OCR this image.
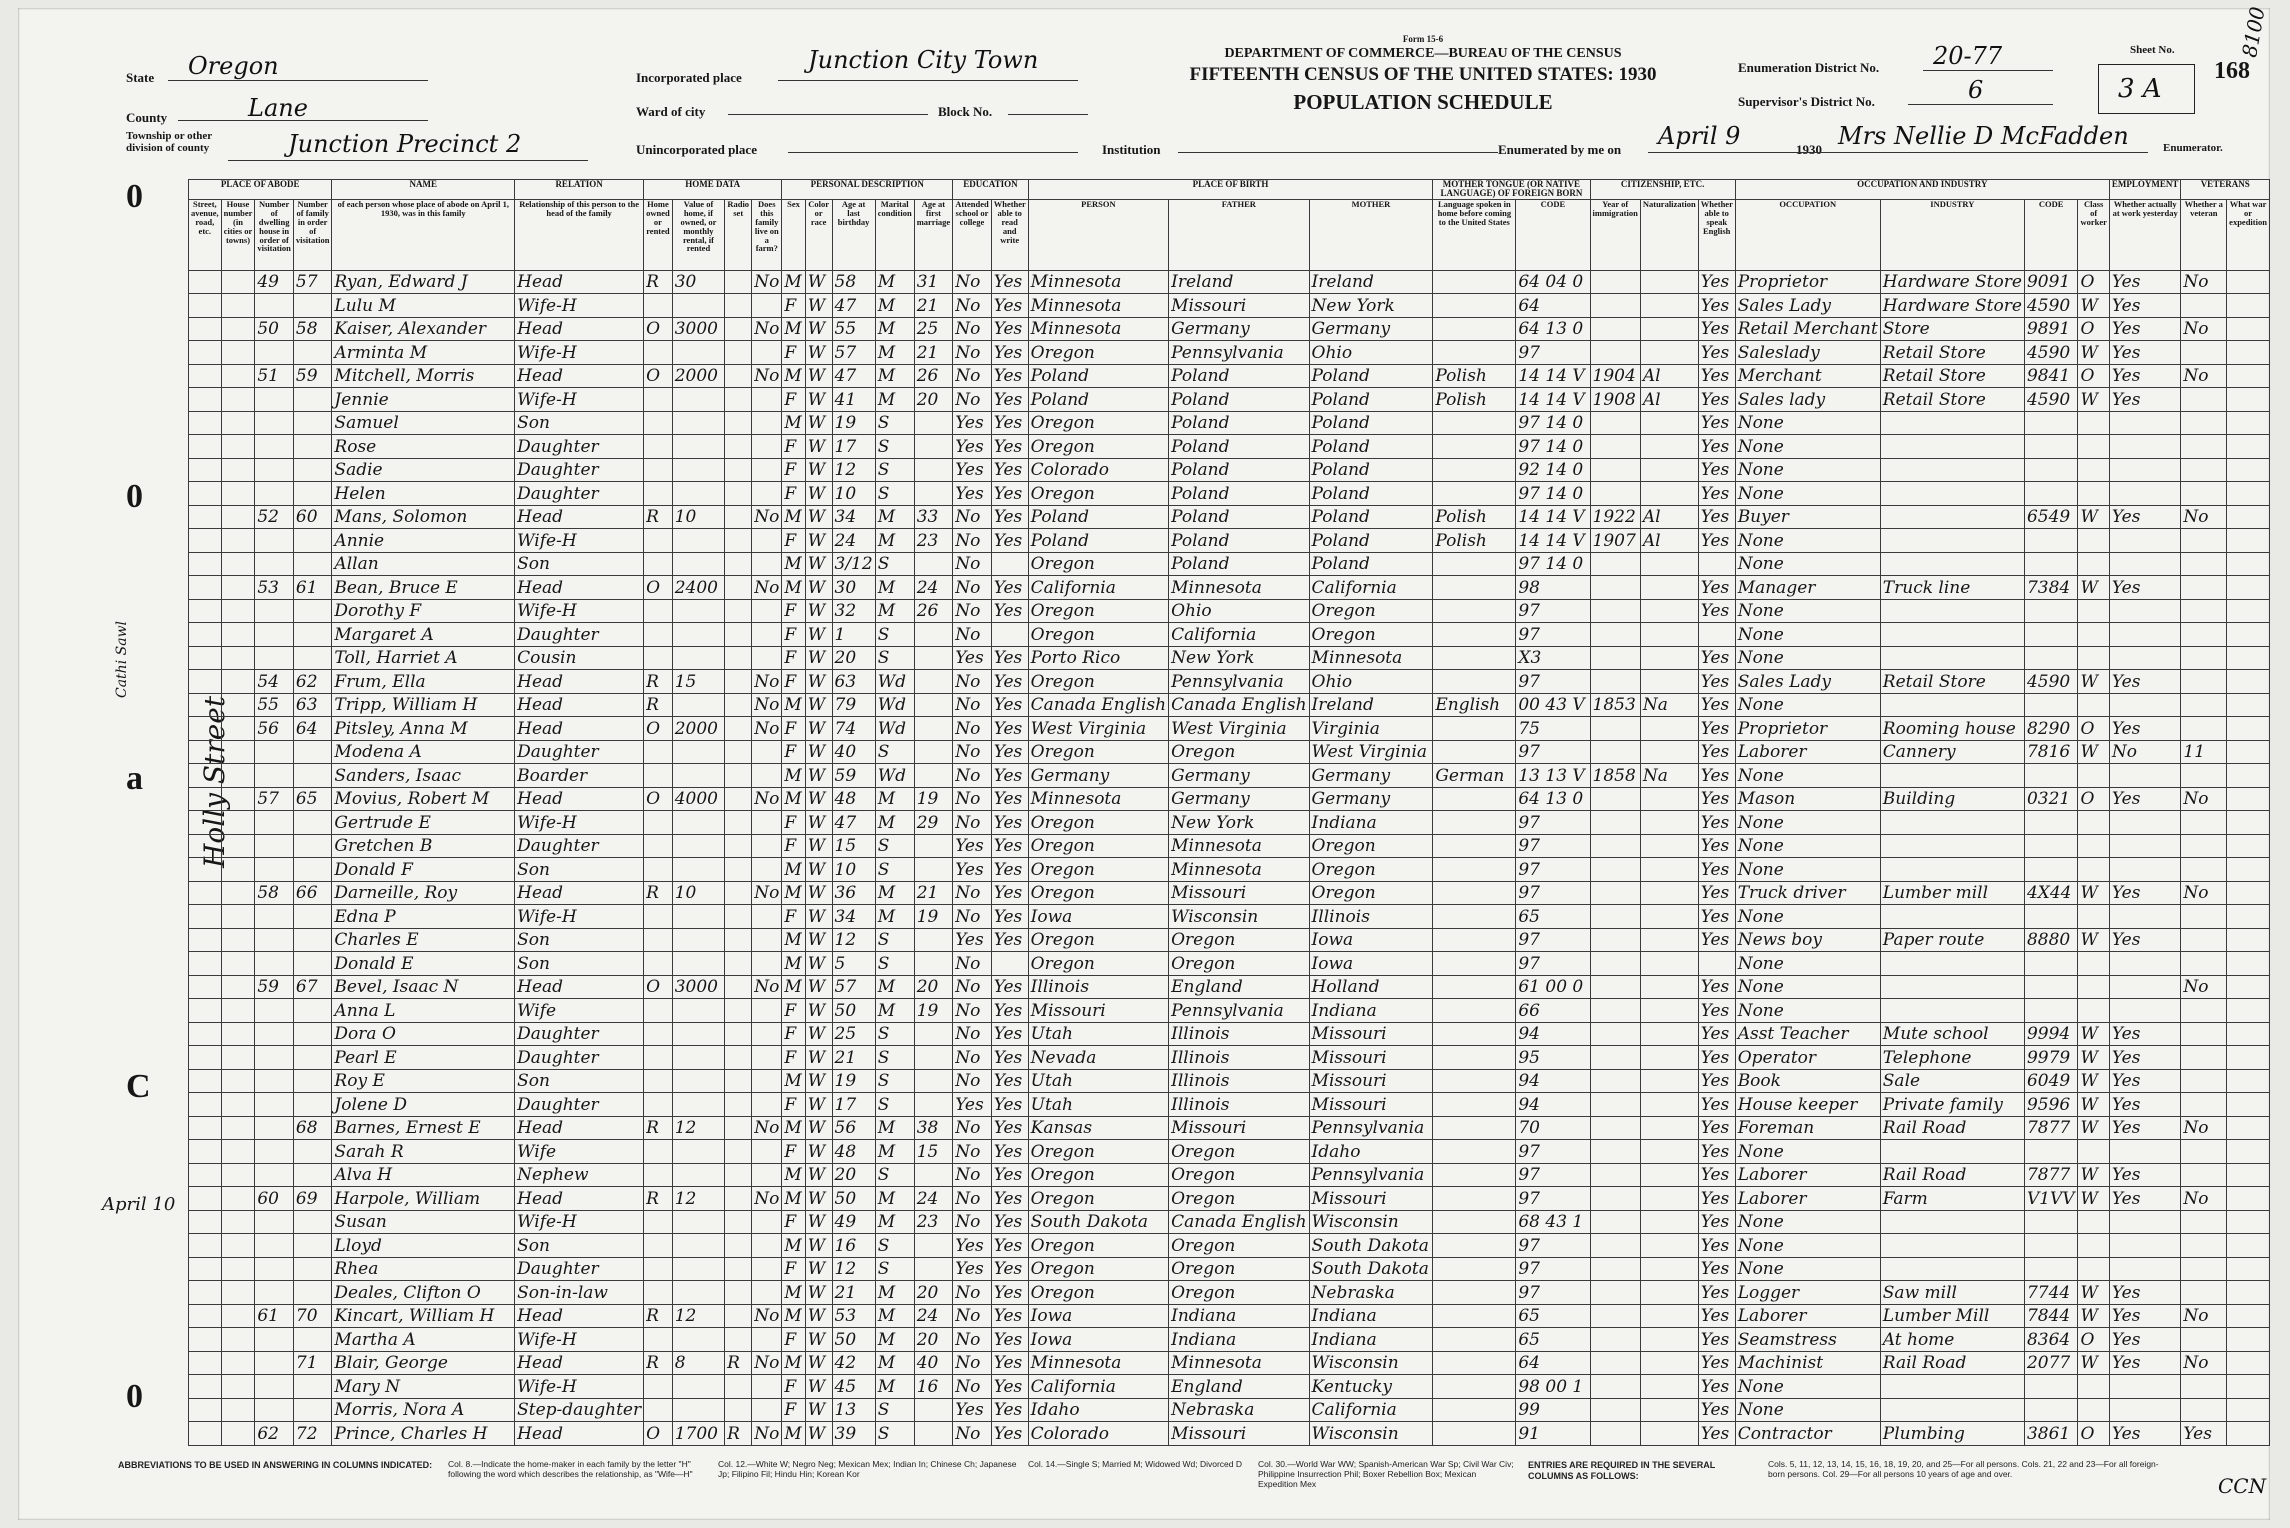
State Oregon
County	Lane
Township or other division of county	Junction Precinct 2
Incorporated place
Junction City Town
Ward of city	Block No.
Unincorporated place
Form 15-6
DEPARTMENT OF COMMERCE—BUREAU OF THE CENSUS
FIFTEENTH CENSUS OF THE UNITED STATES: 1930
POPULATION SCHEDULE
Institution
Enumeration District No. 20-77
Supervisor's District No.	6
Enumerated by me on April 9	1930 Mrs Nellie D McFadden	Enumerator.
Sheet No.
3 A
168
8100
0
0
a
C
0
Holly Street
Cathi Sawl
April 10
PLACE OF ABODE				NAME	RELATION	HOME DATA				PERSONAL DESCRIPTION					EDUCATION		PLACE OF BIRTH			MOTHER TONGUE (OR NATIVE LANGUAGE) OF FOREIGN BORN		CITIZENSHIP, ETC.			OCCUPATION AND INDUSTRY				EMPLOYMENT	VETERANS	
Street, avenue, road, etc.	House number (in cities or towns)	Number of dwelling house in order of visitation	Number of family in order of visitation	of each person whose place of abode on April 1, 1930, was in this family	Relationship of this person to the head of the family	Home owned or rented	Value of home, if owned, or monthly rental, if rented	Radio set	Does this family live on a farm?	Sex	Color or race	Age at last birthday	Marital condition	Age at first marriage	Attended school or college	Whether able to read and write	PERSON	FATHER	MOTHER	Language spoken in home before coming to the United States	CODE	Year of immigration	Naturalization	Whether able to speak English	OCCUPATION	INDUSTRY	CODE	Class of worker	Whether actually at work yesterday	Whether a veteran	What war or expedition
		49	57	Ryan, Edward J	Head	R	30		No	M	W	58	M	31	No	Yes	Minnesota	Ireland	Ireland		64 04 0			Yes	Proprietor	Hardware Store	9091	O	Yes	No	
				Lulu M	Wife-H					F	W	47	M	21	No	Yes	Minnesota	Missouri	New York		64			Yes	Sales Lady	Hardware Store	4590	W	Yes		
		50	58	Kaiser, Alexander	Head	O	3000		No	M	W	55	M	25	No	Yes	Minnesota	Germany	Germany		64 13 0			Yes	Retail Merchant	Store	9891	O	Yes	No	
				Arminta M	Wife-H					F	W	57	M	21	No	Yes	Oregon	Pennsylvania	Ohio		97			Yes	Saleslady	Retail Store	4590	W	Yes		
		51	59	Mitchell, Morris	Head	O	2000		No	M	W	47	M	26	No	Yes	Poland	Poland	Poland	Polish	14 14 V	1904	Al	Yes	Merchant	Retail Store	9841	O	Yes	No	
				Jennie	Wife-H					F	W	41	M	20	No	Yes	Poland	Poland	Poland	Polish	14 14 V	1908	Al	Yes	Sales lady	Retail Store	4590	W	Yes		
				Samuel	Son					M	W	19	S		Yes	Yes	Oregon	Poland	Poland		97 14 0			Yes	None						
				Rose	Daughter					F	W	17	S		Yes	Yes	Oregon	Poland	Poland		97 14 0			Yes	None						
				Sadie	Daughter					F	W	12	S		Yes	Yes	Colorado	Poland	Poland		92 14 0			Yes	None						
				Helen	Daughter					F	W	10	S		Yes	Yes	Oregon	Poland	Poland		97 14 0			Yes	None						
		52	60	Mans, Solomon	Head	R	10		No	M	W	34	M	33	No	Yes	Poland	Poland	Poland	Polish	14 14 V	1922	Al	Yes	Buyer		6549	W	Yes	No	
				Annie	Wife-H					F	W	24	M	23	No	Yes	Poland	Poland	Poland	Polish	14 14 V	1907	Al	Yes	None						
				Allan	Son					M	W	3/12	S		No		Oregon	Poland	Poland		97 14 0				None						
		53	61	Bean, Bruce E	Head	O	2400		No	M	W	30	M	24	No	Yes	California	Minnesota	California		98			Yes	Manager	Truck line	7384	W	Yes		
				Dorothy F	Wife-H					F	W	32	M	26	No	Yes	Oregon	Ohio	Oregon		97			Yes	None						
				Margaret A	Daughter					F	W	1	S		No		Oregon	California	Oregon		97				None						
				Toll, Harriet A	Cousin					F	W	20	S		Yes	Yes	Porto Rico	New York	Minnesota		X3			Yes	None						
		54	62	Frum, Ella	Head	R	15		No	F	W	63	Wd		No	Yes	Oregon	Pennsylvania	Ohio		97			Yes	Sales Lady	Retail Store	4590	W	Yes		
		55	63	Tripp, William H	Head	R			No	M	W	79	Wd		No	Yes	Canada English	Canada English	Ireland	English	00 43 V	1853	Na	Yes	None						
		56	64	Pitsley, Anna M	Head	O	2000		No	F	W	74	Wd		No	Yes	West Virginia	West Virginia	Virginia		75			Yes	Proprietor	Rooming house	8290	O	Yes		
				Modena A	Daughter					F	W	40	S		No	Yes	Oregon	Oregon	West Virginia		97			Yes	Laborer	Cannery	7816	W	No	11	
				Sanders, Isaac	Boarder					M	W	59	Wd		No	Yes	Germany	Germany	Germany	German	13 13 V	1858	Na	Yes	None						
		57	65	Movius, Robert M	Head	O	4000		No	M	W	48	M	19	No	Yes	Minnesota	Germany	Germany		64 13 0			Yes	Mason	Building	0321	O	Yes	No	
				Gertrude E	Wife-H					F	W	47	M	29	No	Yes	Oregon	New York	Indiana		97			Yes	None						
				Gretchen B	Daughter					F	W	15	S		Yes	Yes	Oregon	Minnesota	Oregon		97			Yes	None						
				Donald F	Son					M	W	10	S		Yes	Yes	Oregon	Minnesota	Oregon		97			Yes	None						
		58	66	Darneille, Roy	Head	R	10		No	M	W	36	M	21	No	Yes	Oregon	Missouri	Oregon		97			Yes	Truck driver	Lumber mill	4X44	W	Yes	No	
				Edna P	Wife-H					F	W	34	M	19	No	Yes	Iowa	Wisconsin	Illinois		65			Yes	None						
				Charles E	Son					M	W	12	S		Yes	Yes	Oregon	Oregon	Iowa		97			Yes	News boy	Paper route	8880	W	Yes		
				Donald E	Son					M	W	5	S		No		Oregon	Oregon	Iowa		97				None						
		59	67	Bevel, Isaac N	Head	O	3000		No	M	W	57	M	20	No	Yes	Illinois	England	Holland		61 00 0			Yes	None					No	
				Anna L	Wife					F	W	50	M	19	No	Yes	Missouri	Pennsylvania	Indiana		66			Yes	None						
				Dora O	Daughter					F	W	25	S		No	Yes	Utah	Illinois	Missouri		94			Yes	Asst Teacher	Mute school	9994	W	Yes		
				Pearl E	Daughter					F	W	21	S		No	Yes	Nevada	Illinois	Missouri		95			Yes	Operator	Telephone	9979	W	Yes		
				Roy E	Son					M	W	19	S		No	Yes	Utah	Illinois	Missouri		94			Yes	Book	Sale	6049	W	Yes		
				Jolene D	Daughter					F	W	17	S		Yes	Yes	Utah	Illinois	Missouri		94			Yes	House keeper	Private family	9596	W	Yes		
			68	Barnes, Ernest E	Head	R	12		No	M	W	56	M	38	No	Yes	Kansas	Missouri	Pennsylvania		70			Yes	Foreman	Rail Road	7877	W	Yes	No	
				Sarah R	Wife					F	W	48	M	15	No	Yes	Oregon	Oregon	Idaho		97			Yes	None						
				Alva H	Nephew					M	W	20	S		No	Yes	Oregon	Oregon	Pennsylvania		97			Yes	Laborer	Rail Road	7877	W	Yes		
		60	69	Harpole, William	Head	R	12		No	M	W	50	M	24	No	Yes	Oregon	Oregon	Missouri		97			Yes	Laborer	Farm	V1VV	W	Yes	No	
				Susan	Wife-H					F	W	49	M	23	No	Yes	South Dakota	Canada English	Wisconsin		68 43 1			Yes	None						
				Lloyd	Son					M	W	16	S		Yes	Yes	Oregon	Oregon	South Dakota		97			Yes	None						
				Rhea	Daughter					F	W	12	S		Yes	Yes	Oregon	Oregon	South Dakota		97			Yes	None						
				Deales, Clifton O	Son-in-law					M	W	21	M	20	No	Yes	Oregon	Oregon	Nebraska		97			Yes	Logger	Saw mill	7744	W	Yes		
		61	70	Kincart, William H	Head	R	12		No	M	W	53	M	24	No	Yes	Iowa	Indiana	Indiana		65			Yes	Laborer	Lumber Mill	7844	W	Yes	No	
				Martha A	Wife-H					F	W	50	M	20	No	Yes	Iowa	Indiana	Indiana		65			Yes	Seamstress	At home	8364	O	Yes		
			71	Blair, George	Head	R	8	R	No	M	W	42	M	40	No	Yes	Minnesota	Minnesota	Wisconsin		64			Yes	Machinist	Rail Road	2077	W	Yes	No	
				Mary N	Wife-H					F	W	45	M	16	No	Yes	California	England	Kentucky		98 00 1			Yes	None						
				Morris, Nora A	Step-daughter					F	W	13	S		Yes	Yes	Idaho	Nebraska	California		99			Yes	None						
		62	72	Prince, Charles H	Head	O	1700	R	No	M	W	39	S		No	Yes	Colorado	Missouri	Wisconsin		91			Yes	Contractor	Plumbing	3861	O	Yes	Yes	
ABBREVIATIONS TO BE USED IN ANSWERING IN COLUMNS INDICATED:	Col. 8.—Indicate the home-maker in each family by the letter "H" following the word which describes the relationship, as "Wife—H"
Col. 12.—White W; Negro Neg; Mexican Mex; Indian In; Chinese Ch; Japanese Jp; Filipino Fil; Hindu Hin; Korean Kor
Col. 14.—Single S; Married M; Widowed Wd; Divorced D	Col. 30.—World War WW; Spanish-American War Sp; Civil War Civ; Philippine Insurrection Phil; Boxer Rebellion Box; Mexican Expedition Mex
ENTRIES ARE REQUIRED IN THE SEVERAL COLUMNS AS FOLLOWS:
Cols. 5, 11, 12, 13, 14, 15, 16, 18, 19, 20, and 25—For all persons. Cols. 21, 22 and 23—For all foreign-born persons. Col. 29—For all persons 10 years of age and over.
CCN
